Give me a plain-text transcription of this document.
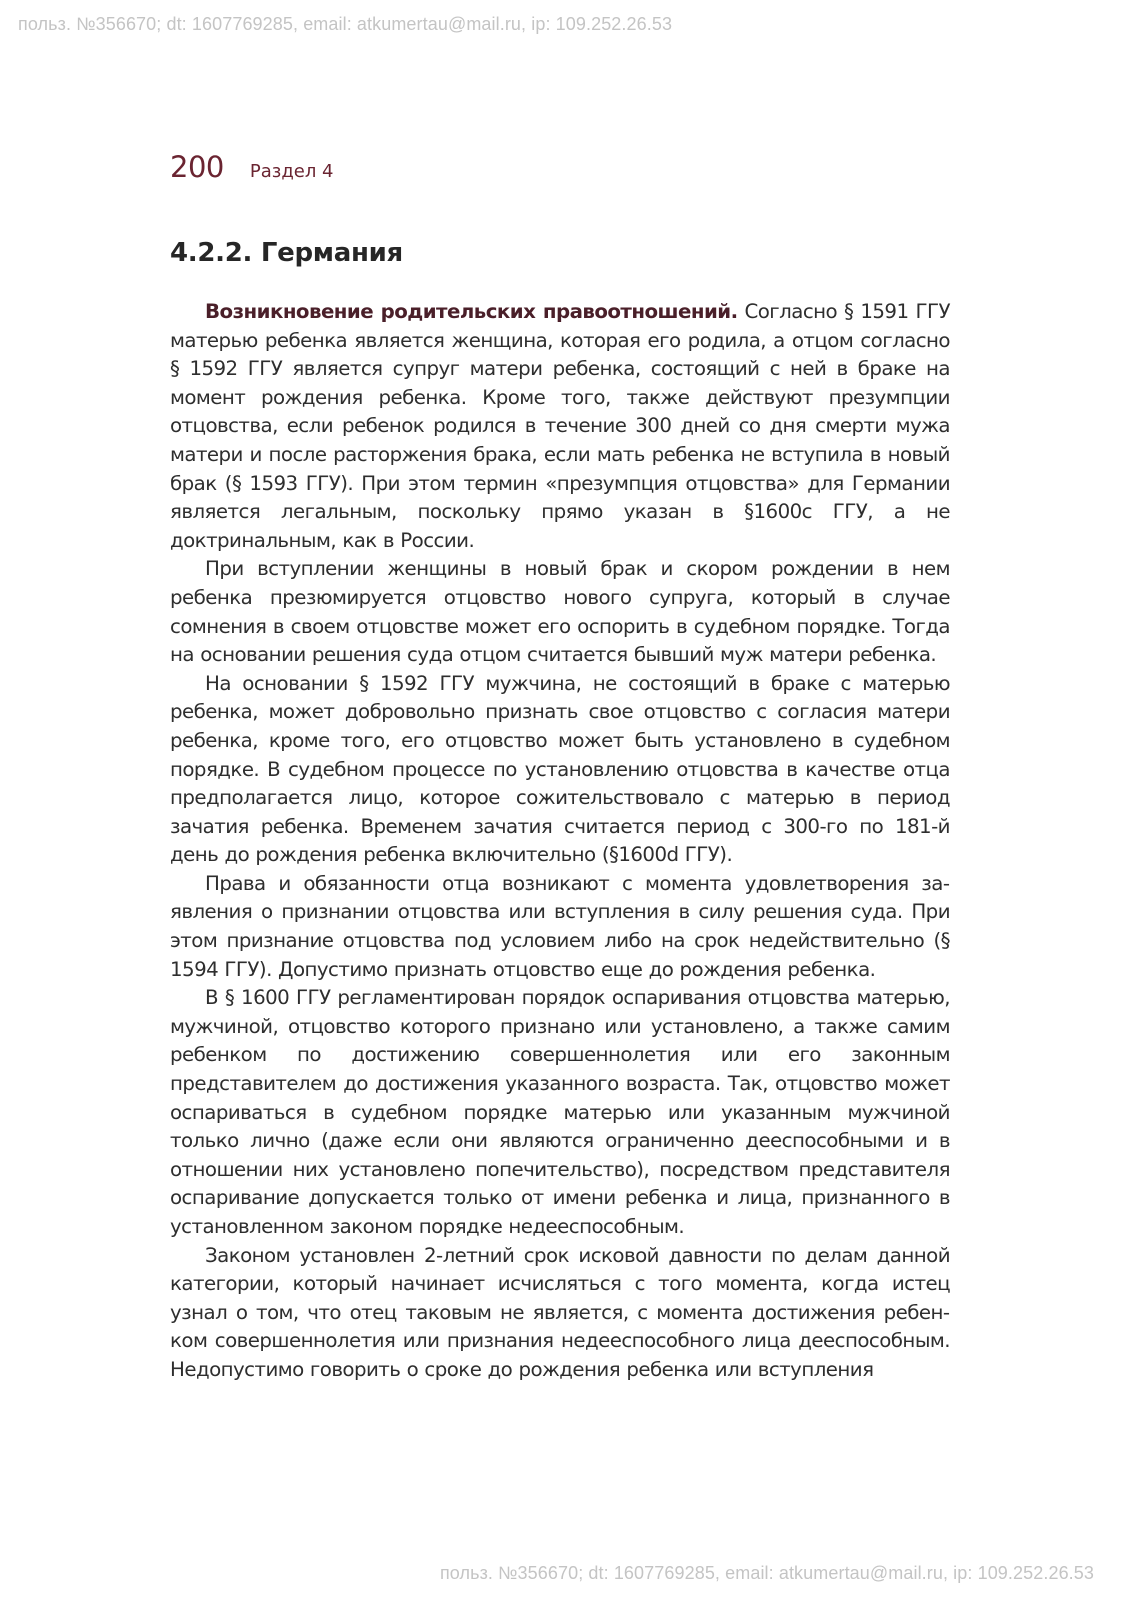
польз. №356670; dt: 1607769285, email: atkumertau@mail.ru, ip: 109.252.26.53
200 Раздел 4
4.2.2. Германия

Возникновение родительских правоотношений. Согласно § 1591 ГГУ матерью ребенка является женщина, которая его родила, а отцом согласно § 1592 ГГУ является супруг матери ребенка, состоящий с ней в браке на момент рождения ребенка. Кроме того, также действуют презумпции отцовства, если ребенок родился в течение 300 дней со дня смерти мужа матери и после расторжения брака, если мать ребенка не вступила в новый брак (§ 1593 ГГУ). При этом термин «презумпция отцовства» для Германии является легальным, поскольку прямо указан в §1600с ГГУ, а не доктринальным, как в России.

При вступлении женщины в новый брак и скором рождении в нем ребенка презюмируется отцовство нового супруга, который в случае сомнения в своем отцовстве может его оспорить в судебном порядке. Тогда на основании решения суда отцом считается бывший муж матери ребенка.

На основании § 1592 ГГУ мужчина, не состоящий в браке с матерью ребенка, может добровольно признать свое отцовство с согласия матери ребенка, кроме того, его отцовство может быть установлено в судебном порядке. В судебном процессе по установлению отцовства в качестве отца предполагается лицо, которое сожительствовало с матерью в период зачатия ребенка. Временем зачатия считается период с 300-го по 181-й день до рождения ребенка включительно (§1600d ГГУ).

Права и обязанности отца возникают с момента удовлетворения заявления о признании отцовства или вступления в силу решения суда. При этом признание отцовства под условием либо на срок недействительно (§ 1594 ГГУ). Допустимо признать отцовство еще до рождения ребенка.

В § 1600 ГГУ регламентирован порядок оспаривания отцовства матерью, мужчиной, отцовство которого признано или установлено, а также самим ребенком по достижению совершеннолетия или его законным представителем до достижения указанного возраста. Так, отцовство может оспариваться в судебном порядке матерью или указанным мужчиной только лично (даже если они являются ограниченно дееспособными и в отношении них установлено попечительство), посредством представителя оспаривание допускается только от имени ребенка и лица, признанного в установленном законом порядке недееспособным.

Законом установлен 2-летний срок исковой давности по делам данной категории, который начинает исчисляться с того момента, когда истец узнал о том, что отец таковым не является, с момента достижения ребенком совершеннолетия или признания недееспособного лица дееспособным. Недопустимо говорить о сроке до рождения ребенка или вступления

польз. №356670; dt: 1607769285, email: atkumertau@mail.ru, ip: 109.252.26.53
